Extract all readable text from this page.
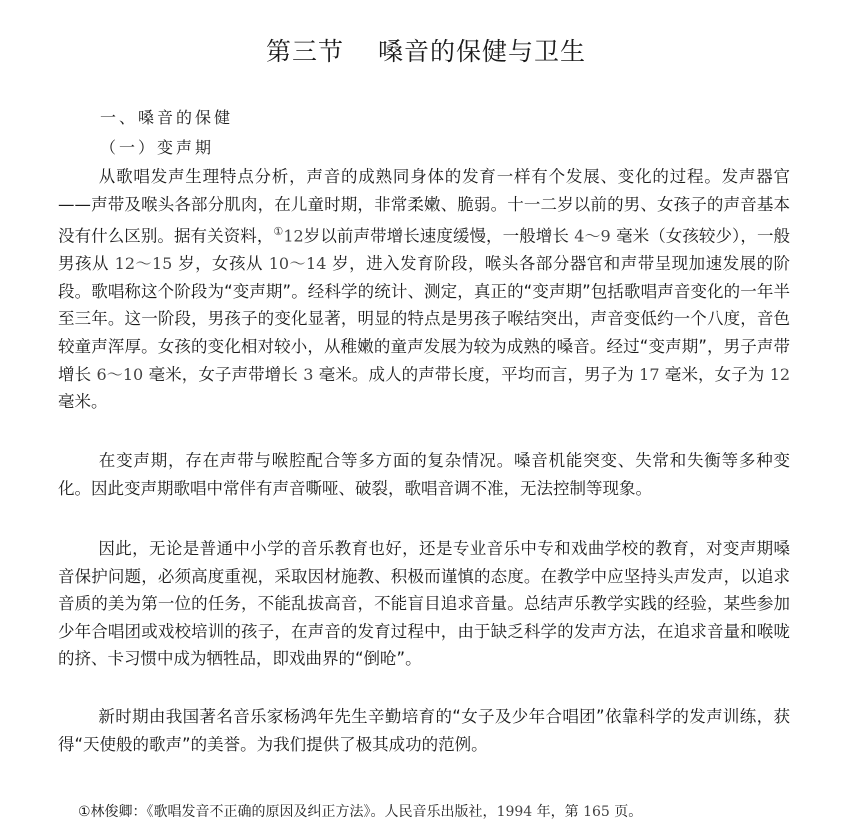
第三节 嗓音的保健与卫生
一、嗓音的保健
（一）变声期

从歌唱发声生理特点分析，声音的成熟同身体的发育一样有个发展、变化的过程。发声器官——声带及喉头各部分肌肉，在儿童时期，非常柔嫩、脆弱。十一二岁以前的男、女孩子的声音基本没有什么区别。据有关资料，①12岁以前声带增长速度缓慢，一般增长 4～9 毫米（女孩较少），一般男孩从 12～15 岁，女孩从 10～14 岁，进入发育阶段，喉头各部分器官和声带呈现加速发展的阶段。歌唱称这个阶段为“变声期”。经科学的统计、测定，真正的“变声期”包括歌唱声音变化的一年半至三年。这一阶段，男孩子的变化显著，明显的特点是男孩子喉结突出，声音变低约一个八度，音色较童声浑厚。女孩的变化相对较小，从稚嫩的童声发展为较为成熟的嗓音。经过“变声期”，男子声带增长 6～10 毫米，女子声带增长 3 毫米。成人的声带长度，平均而言，男子为 17 毫米，女子为 12 毫米。

在变声期，存在声带与喉腔配合等多方面的复杂情况。嗓音机能突变、失常和失衡等多种变化。因此变声期歌唱中常伴有声音嘶哑、破裂，歌唱音调不准，无法控制等现象。

因此，无论是普通中小学的音乐教育也好，还是专业音乐中专和戏曲学校的教育，对变声期嗓音保护问题，必须高度重视，采取因材施教、积极而谨慎的态度。在教学中应坚持头声发声，以追求音质的美为第一位的任务，不能乱拔高音，不能盲目追求音量。总结声乐教学实践的经验，某些参加少年合唱团或戏校培训的孩子，在声音的发育过程中，由于缺乏科学的发声方法，在追求音量和喉咙的挤、卡习惯中成为牺牲品，即戏曲界的“倒呛”。

新时期由我国著名音乐家杨鸿年先生辛勤培育的“女子及少年合唱团”依靠科学的发声训练，获得“天使般的歌声”的美誉。为我们提供了极其成功的范例。

①林俊卿：《歌唱发音不正确的原因及纠正方法》。人民音乐出版社，1994 年，第 165 页。
